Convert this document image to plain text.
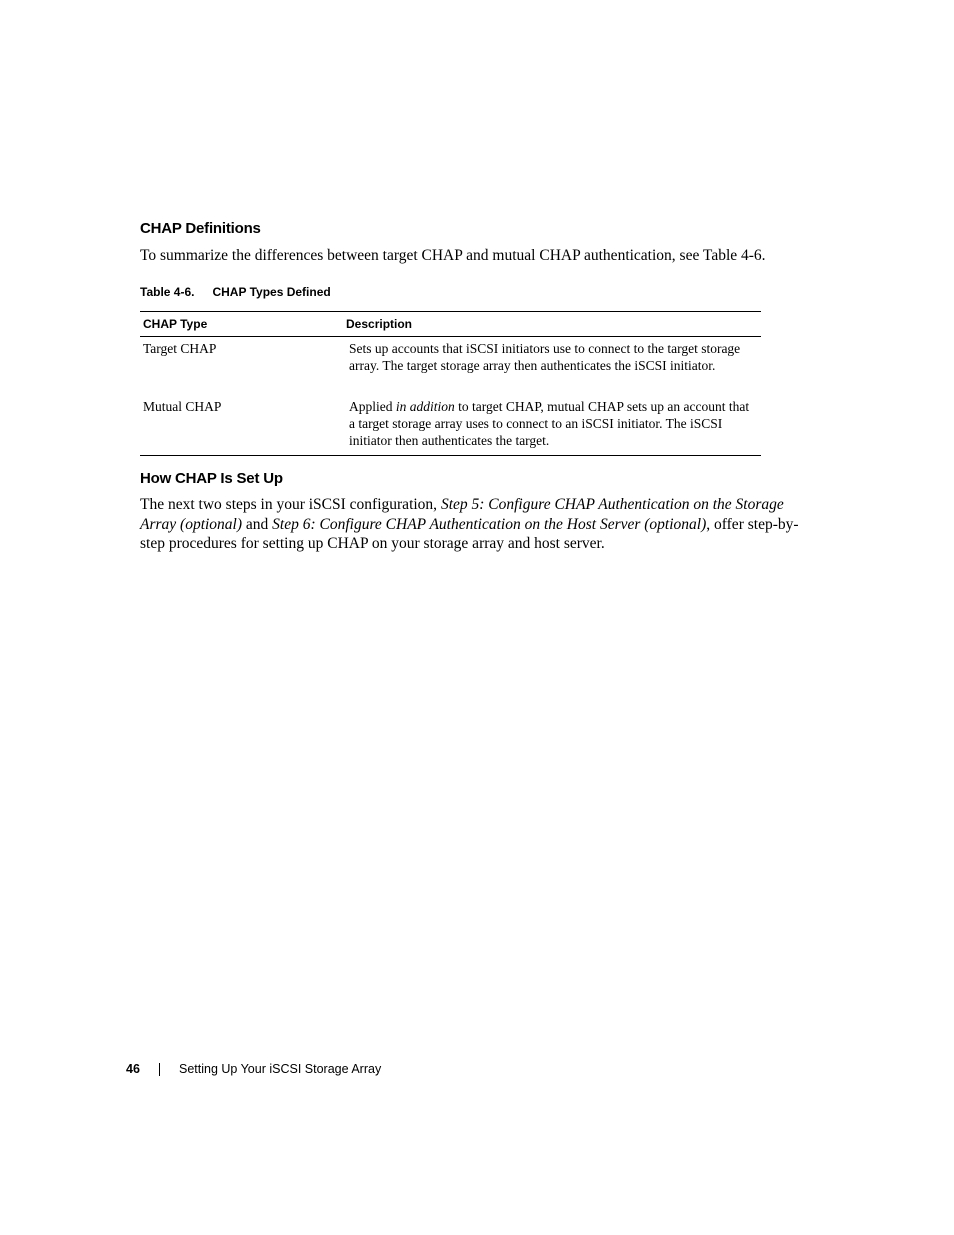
CHAP Definitions
To summarize the differences between target CHAP and mutual CHAP authentication, see Table 4-6.
Table 4-6. CHAP Types Defined
CHAP Type	Description
Target CHAP	Sets up accounts that iSCSI initiators use to connect to the target storage array. The target storage array then authenticates the iSCSI initiator.
Mutual CHAP	Applied in addition to target CHAP, mutual CHAP sets up an account that a target storage array uses to connect to an iSCSI initiator. The iSCSI initiator then authenticates the target.
How CHAP Is Set Up
The next two steps in your iSCSI configuration, Step 5: Configure CHAP Authentication on the Storage Array (optional) and Step 6: Configure CHAP Authentication on the Host Server (optional), offer step-by-step procedures for setting up CHAP on your storage array and host server.
46	Setting Up Your iSCSI Storage Array
